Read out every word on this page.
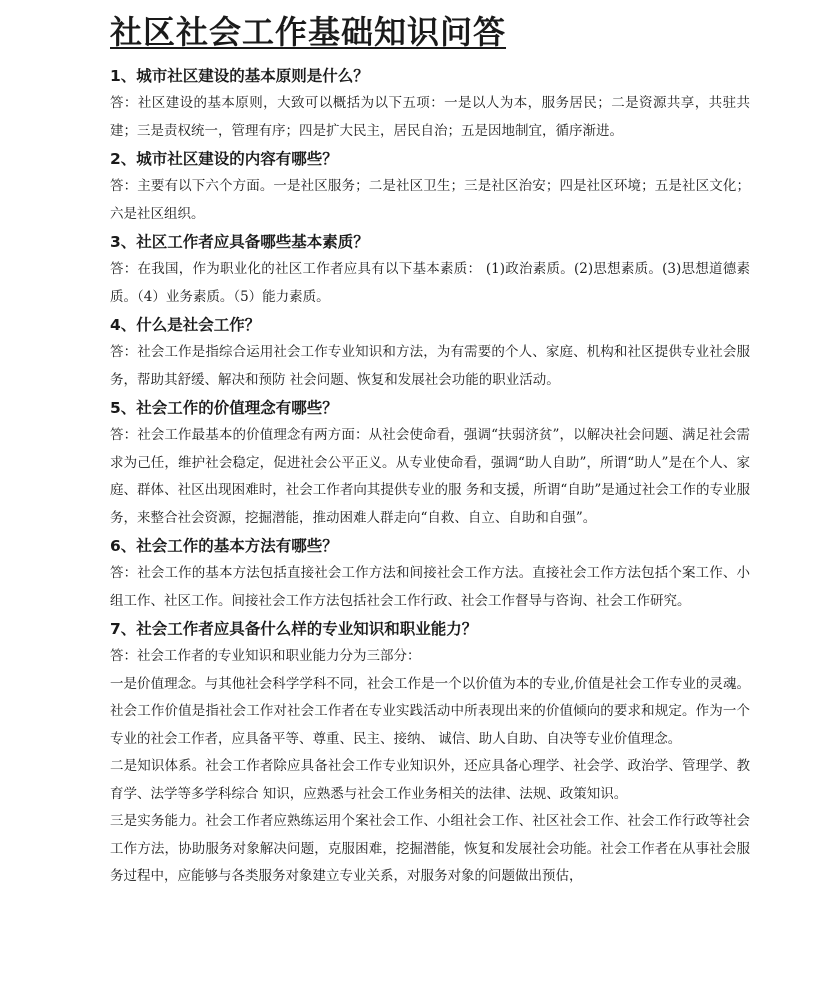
社区社会工作基础知识问答
1、城市社区建设的基本原则是什么？

答：社区建设的基本原则，大致可以概括为以下五项：一是以人为本，服务居民；二是资源共享，共驻共建；三是责权统一，管理有序；四是扩大民主，居民自治；五是因地制宜，循序渐进。

2、城市社区建设的内容有哪些？

答：主要有以下六个方面。一是社区服务；二是社区卫生；三是社区治安；四是社区环境；五是社区文化；六是社区组织。

3、社区工作者应具备哪些基本素质？

答：在我国，作为职业化的社区工作者应具有以下基本素质： (1)政治素质。(2)思想素质。(3)思想道德素质。（4）业务素质。（5）能力素质。

4、什么是社会工作？

答：社会工作是指综合运用社会工作专业知识和方法，为有需要的个人、家庭、机构和社区提供专业社会服务，帮助其舒缓、解决和预防 社会问题、恢复和发展社会功能的职业活动。

5、社会工作的价值理念有哪些？

答：社会工作最基本的价值理念有两方面：从社会使命看，强调“扶弱济贫”，以解决社会问题、满足社会需求为己任，维护社会稳定，促进社会公平正义。从专业使命看，强调“助人自助”，所谓“助人”是在个人、家庭、群体、社区出现困难时，社会工作者向其提供专业的服 务和支援，所谓“自助”是通过社会工作的专业服务，来整合社会资源，挖掘潜能，推动困难人群走向“自救、自立、自助和自强”。

6、社会工作的基本方法有哪些？

答：社会工作的基本方法包括直接社会工作方法和间接社会工作方法。直接社会工作方法包括个案工作、小组工作、社区工作。间接社会工作方法包括社会工作行政、社会工作督导与咨询、社会工作研究。

7、社会工作者应具备什么样的专业知识和职业能力？

答：社会工作者的专业知识和职业能力分为三部分：

一是价值理念。与其他社会科学学科不同，社会工作是一个以价值为本的专业,价值是社会工作专业的灵魂。社会工作价值是指社会工作对社会工作者在专业实践活动中所表现出来的价值倾向的要求和规定。作为一个专业的社会工作者，应具备平等、尊重、民主、接纳、 诚信、助人自助、自决等专业价值理念。

二是知识体系。社会工作者除应具备社会工作专业知识外，还应具备心理学、社会学、政治学、管理学、教育学、法学等多学科综合 知识，应熟悉与社会工作业务相关的法律、法规、政策知识。

三是实务能力。社会工作者应熟练运用个案社会工作、小组社会工作、社区社会工作、社会工作行政等社会工作方法，协助服务对象解决问题，克服困难，挖掘潜能，恢复和发展社会功能。社会工作者在从事社会服务过程中，应能够与各类服务对象建立专业关系，对服务对象的问题做出预估，
